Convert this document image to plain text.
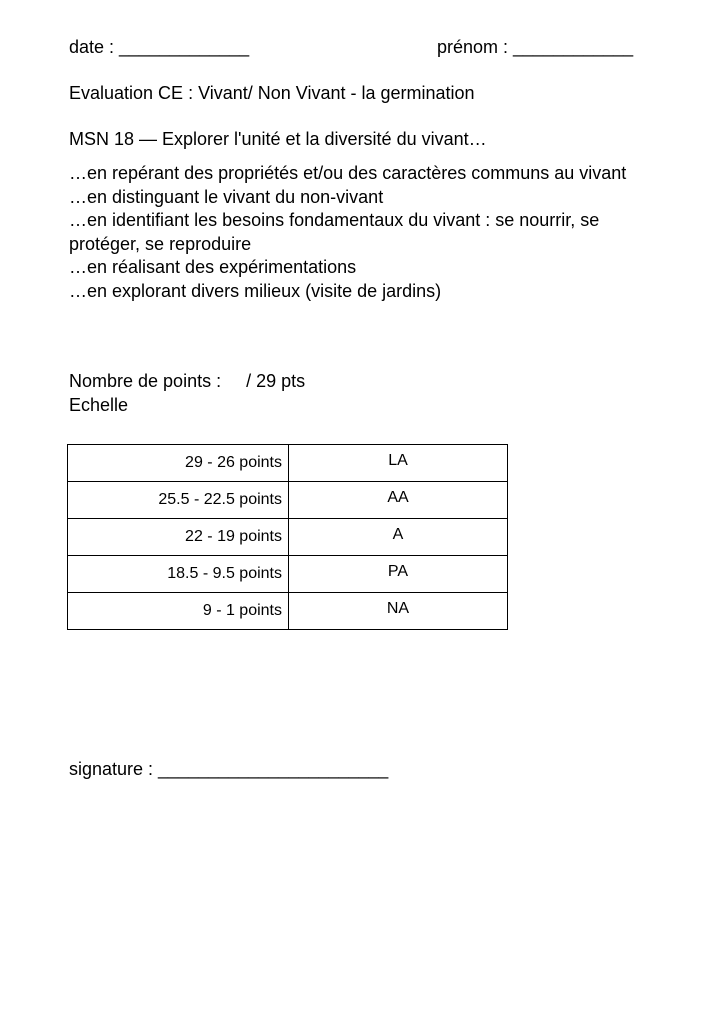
date : _____________	prénom : ____________
Evaluation CE : Vivant/ Non Vivant - la germination
MSN 18 — Explorer l'unité et la diversité du vivant…
…en repérant des propriétés et/ou des caractères communs au vivant
…en distinguant le vivant du non-vivant
…en identifiant les besoins fondamentaux du vivant : se nourrir, se protéger, se reproduire
…en réalisant des expérimentations
…en explorant divers milieux (visite de jardins)
Nombre de points :     / 29 pts
Echelle
29 - 26 points	LA
25.5 - 22.5 points	AA
22 - 19 points	A
18.5 - 9.5 points	PA
9 - 1 points	NA
signature : _______________________
